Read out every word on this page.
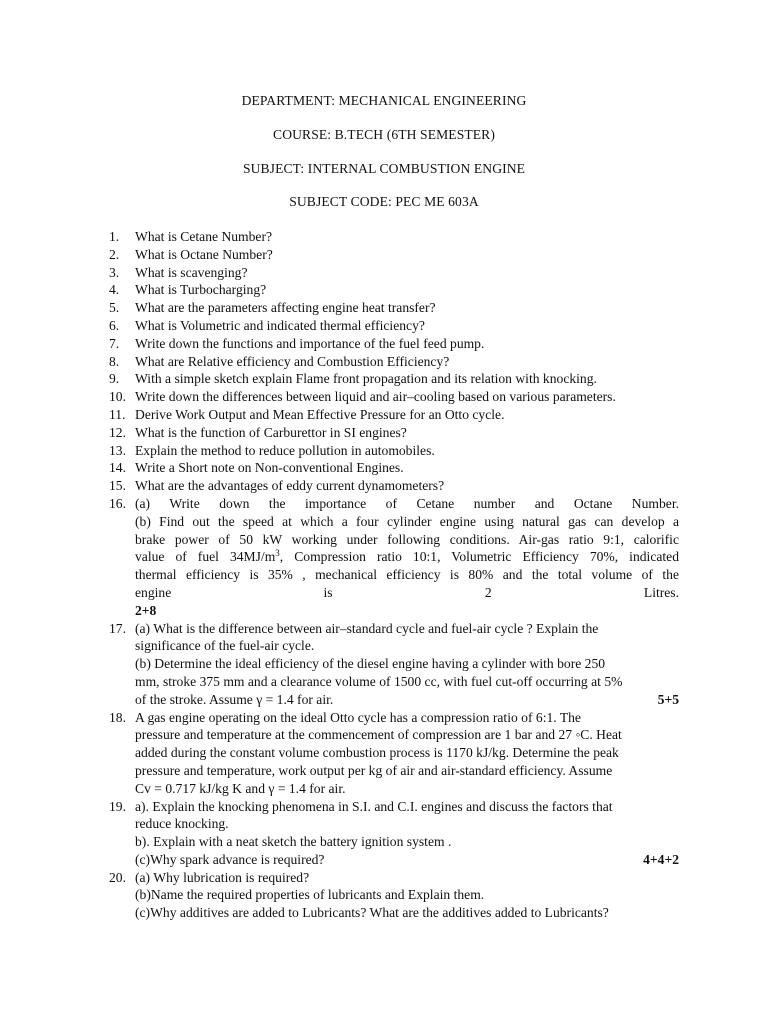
DEPARTMENT: MECHANICAL ENGINEERING
COURSE: B.TECH (6TH SEMESTER)
SUBJECT: INTERNAL COMBUSTION ENGINE
SUBJECT CODE: PEC ME 603A
1. What is Cetane Number?
2. What is Octane Number?
3. What is scavenging?
4. What is Turbocharging?
5. What are the parameters affecting engine heat transfer?
6. What is Volumetric and indicated thermal efficiency?
7. Write down the functions and importance of the fuel feed pump.
8. What are Relative efficiency and Combustion Efficiency?
9. With a simple sketch explain Flame front propagation and its relation with knocking.
10. Write down the differences between liquid and air–cooling based on various parameters.
11. Derive Work Output and Mean Effective Pressure for an Otto cycle.
12. What is the function of Carburettor in SI engines?
13. Explain the method to reduce pollution in automobiles.
14. Write a Short note on Non-conventional Engines.
15. What are the advantages of eddy current dynamometers?
16. (a) Write down the importance of Cetane number and Octane Number.
(b) Find out the speed at which a four cylinder engine using natural gas can develop a
brake power of 50 kW working under following conditions. Air-gas ratio 9:1, calorific
value of fuel $34MJ/m^3$, Compression ratio 10:1, Volumetric Efficiency 70%, indicated
thermal efficiency is 35% , mechanical efficiency is 80% and the total volume of the
engine is 2 Litres.
2+8
17. (a) What is the difference between air–standard cycle and fuel-air cycle ? Explain the
significance of the fuel-air cycle.
(b) Determine the ideal efficiency of the diesel engine having a cylinder with bore 250
mm, stroke 375 mm and a clearance volume of 1500 cc, with fuel cut-off occurring at 5%
of the stroke. Assume γ = 1.4 for air.	5+5
18. A gas engine operating on the ideal Otto cycle has a compression ratio of 6:1. The
pressure and temperature at the commencement of compression are 1 bar and 27 ◦C. Heat
added during the constant volume combustion process is 1170 kJ/kg. Determine the peak
pressure and temperature, work output per kg of air and air-standard efficiency. Assume
Cv = 0.717 kJ/kg K and γ = 1.4 for air.
19. a). Explain the knocking phenomena in S.I. and C.I. engines and discuss the factors that
reduce knocking.
b). Explain with a neat sketch the battery ignition system .
(c)Why spark advance is required?	4+4+2
20. (a) Why lubrication is required?
(b)Name the required properties of lubricants and Explain them.
(c)Why additives are added to Lubricants? What are the additives added to Lubricants?
